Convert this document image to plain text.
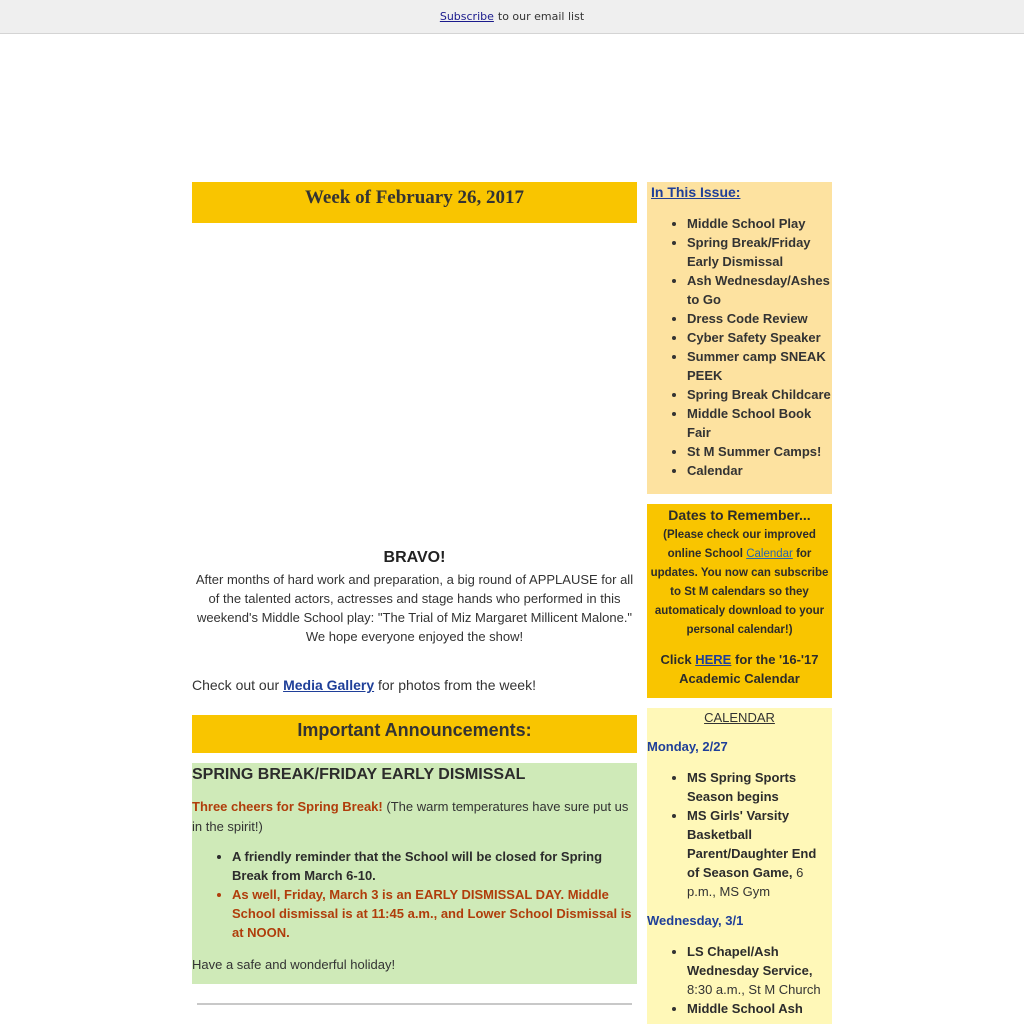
Subscribe to our email list
Week of February 26, 2017

BRAVO!

After months of hard work and preparation, a big round of APPLAUSE for all of the talented actors, actresses and stage hands who performed in this weekend's Middle School play: "The Trial of Miz Margaret Millicent Malone." We hope everyone enjoyed the show!

Check out our Media Gallery for photos from the week!
Important Announcements:
SPRING BREAK/FRIDAY EARLY DISMISSAL

Three cheers for Spring Break! (The warm temperatures have sure put us in the spirit!)

• A friendly reminder that the School will be closed for Spring Break from March 6-10.
• As well, Friday, March 3 is an EARLY DISMISSAL DAY. Middle School dismissal is at 11:45 a.m., and Lower School Dismissal is at NOON.

Have a safe and wonderful holiday!

In This Issue:
• Middle School Play
• Spring Break/Friday Early Dismissal
• Ash Wednesday/Ashes to Go
• Dress Code Review
• Cyber Safety Speaker
• Summer camp SNEAK PEEK
• Spring Break Childcare
• Middle School Book Fair
• St M Summer Camps!
• Calendar
Dates to Remember...
(Please check our improved online School Calendar for updates. You now can subscribe to St M calendars so they automaticaly download to your personal calendar!)
Click HERE for the '16-'17 Academic Calendar
CALENDAR
Monday, 2/27
• MS Spring Sports Season begins
• MS Girls' Varsity Basketball Parent/Daughter End of Season Game, 6 p.m., MS Gym
Wednesday, 3/1
• LS Chapel/Ash Wednesday Service, 8:30 a.m., St M Church
• Middle School Ash
